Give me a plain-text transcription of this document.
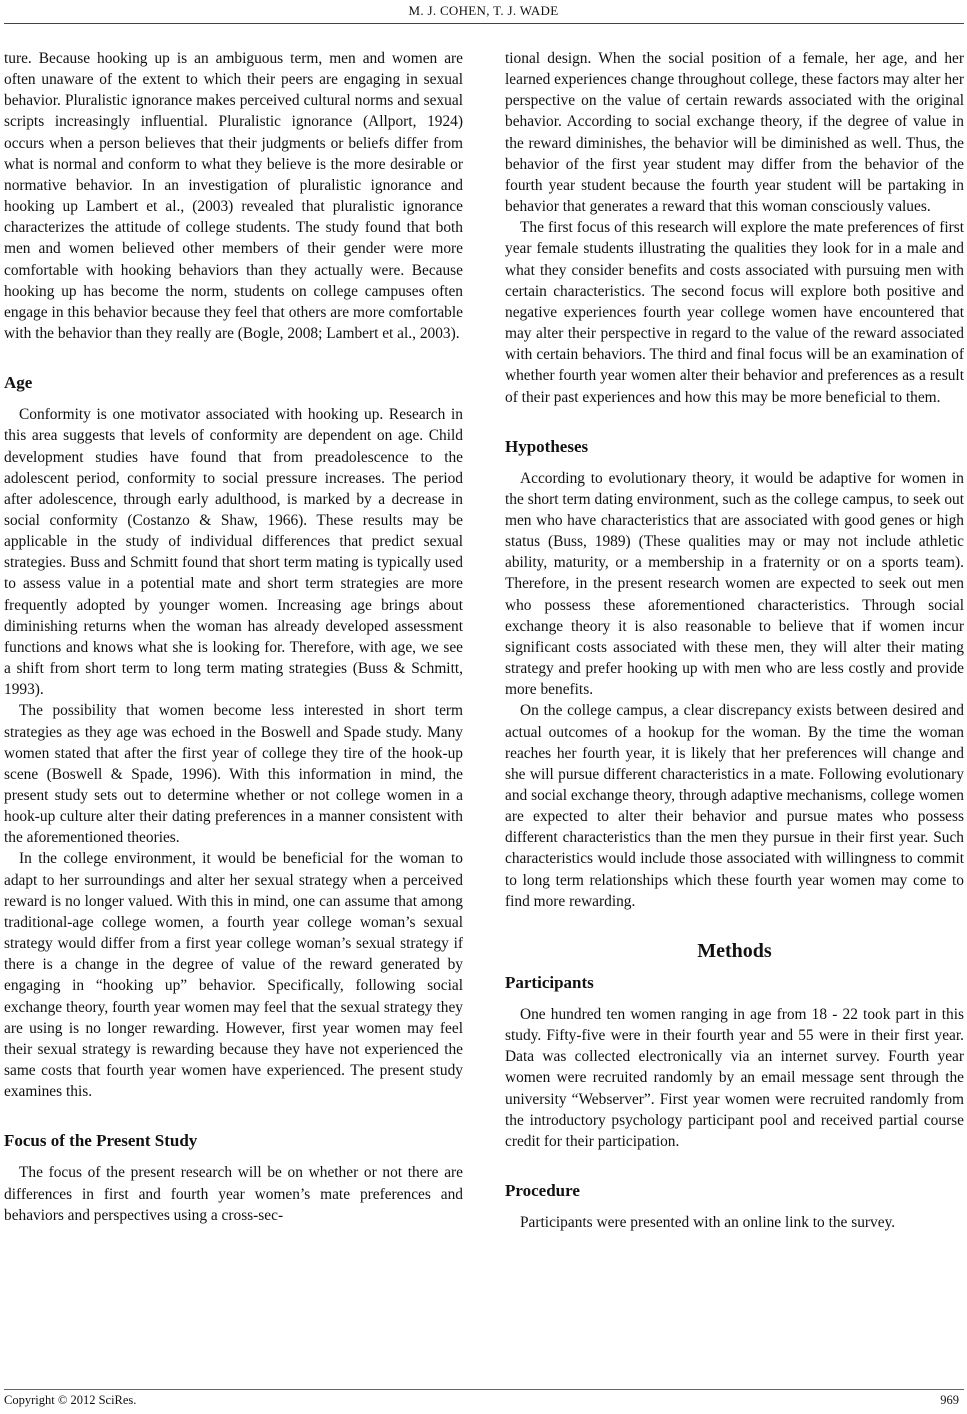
M. J. COHEN, T. J. WADE

ture. Because hooking up is an ambiguous term, men and women are often unaware of the extent to which their peers are engaging in sexual behavior. Pluralistic ignorance makes perceived cultural norms and sexual scripts increasingly influential. Pluralistic ignorance (Allport, 1924) occurs when a person believes that their judgments or beliefs differ from what is normal and conform to what they believe is the more desirable or normative behavior. In an investigation of pluralistic ignorance and hooking up Lambert et al., (2003) revealed that pluralistic ignorance characterizes the attitude of college students. The study found that both men and women believed other members of their gender were more comfortable with hooking behaviors than they actually were. Because hooking up has become the norm, students on college campuses often engage in this behavior because they feel that others are more comfortable with the behavior than they really are (Bogle, 2008; Lambert et al., 2003).

Age

Conformity is one motivator associated with hooking up. Research in this area suggests that levels of conformity are dependent on age. Child development studies have found that from preadolescence to the adolescent period, conformity to social pressure increases. The period after adolescence, through early adulthood, is marked by a decrease in social conformity (Costanzo & Shaw, 1966). These results may be applicable in the study of individual differences that predict sexual strategies. Buss and Schmitt found that short term mating is typically used to assess value in a potential mate and short term strategies are more frequently adopted by younger women. Increasing age brings about diminishing returns when the woman has already developed assessment functions and knows what she is looking for. Therefore, with age, we see a shift from short term to long term mating strategies (Buss & Schmitt, 1993).

The possibility that women become less interested in short term strategies as they age was echoed in the Boswell and Spade study. Many women stated that after the first year of college they tire of the hook-up scene (Boswell & Spade, 1996). With this information in mind, the present study sets out to determine whether or not college women in a hook-up culture alter their dating preferences in a manner consistent with the aforementioned theories.

In the college environment, it would be beneficial for the woman to adapt to her surroundings and alter her sexual strategy when a perceived reward is no longer valued. With this in mind, one can assume that among traditional-age college women, a fourth year college woman’s sexual strategy would differ from a first year college woman’s sexual strategy if there is a change in the degree of value of the reward generated by engaging in “hooking up” behavior. Specifically, following social exchange theory, fourth year women may feel that the sexual strategy they are using is no longer rewarding. However, first year women may feel their sexual strategy is rewarding because they have not experienced the same costs that fourth year women have experienced. The present study examines this.

Focus of the Present Study

The focus of the present research will be on whether or not there are differences in first and fourth year women’s mate preferences and behaviors and perspectives using a cross-sec-

tional design. When the social position of a female, her age, and her learned experiences change throughout college, these factors may alter her perspective on the value of certain rewards associated with the original behavior. According to social exchange theory, if the degree of value in the reward diminishes, the behavior will be diminished as well. Thus, the behavior of the first year student may differ from the behavior of the fourth year student because the fourth year student will be partaking in behavior that generates a reward that this woman consciously values.

The first focus of this research will explore the mate preferences of first year female students illustrating the qualities they look for in a male and what they consider benefits and costs associated with pursuing men with certain characteristics. The second focus will explore both positive and negative experiences fourth year college women have encountered that may alter their perspective in regard to the value of the reward associated with certain behaviors. The third and final focus will be an examination of whether fourth year women alter their behavior and preferences as a result of their past experiences and how this may be more beneficial to them.

Hypotheses

According to evolutionary theory, it would be adaptive for women in the short term dating environment, such as the college campus, to seek out men who have characteristics that are associated with good genes or high status (Buss, 1989) (These qualities may or may not include athletic ability, maturity, or a membership in a fraternity or on a sports team). Therefore, in the present research women are expected to seek out men who possess these aforementioned characteristics. Through social exchange theory it is also reasonable to believe that if women incur significant costs associated with these men, they will alter their mating strategy and prefer hooking up with men who are less costly and provide more benefits.

On the college campus, a clear discrepancy exists between desired and actual outcomes of a hookup for the woman. By the time the woman reaches her fourth year, it is likely that her preferences will change and she will pursue different characteristics in a mate. Following evolutionary and social exchange theory, through adaptive mechanisms, college women are expected to alter their behavior and pursue mates who possess different characteristics than the men they pursue in their first year. Such characteristics would include those associated with willingness to commit to long term relationships which these fourth year women may come to find more rewarding.

Methods
Participants

One hundred ten women ranging in age from 18 - 22 took part in this study. Fifty-five were in their fourth year and 55 were in their first year. Data was collected electronically via an internet survey. Fourth year women were recruited randomly by an email message sent through the university “Webserver”. First year women were recruited randomly from the introductory psychology participant pool and received partial course credit for their participation.

Procedure

Participants were presented with an online link to the survey.

Copyright © 2012 SciRes.	969
